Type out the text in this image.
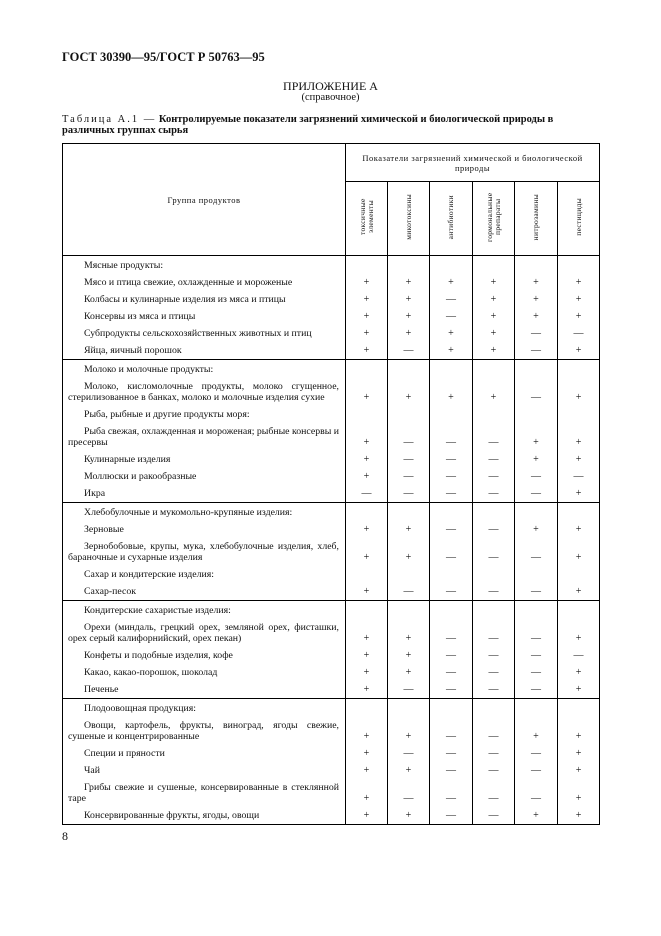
ГОСТ 30390—95/ГОСТ Р 50763—95
ПРИЛОЖЕНИЕ А
(справочное)
Таблица А.1 — Контролируемые показатели загрязнений химической и биологической природы в различных группах сырья
Группа продуктов	Показатели загрязнений химической и биологической природы					
	токсичные элементы	микотоксины	антибиотики	гормональные препараты	нитрозамины	пестициды
Мясные продукты:						
Мясо и птица свежие, охлажденные и мороженые	+	+	+	+	+	+
Колбасы и кулинарные изделия из мяса и птицы	+	+	—	+	+	+
Консервы из мяса и птицы	+	+	—	+	+	+
Субпродукты сельскохозяйственных животных и птиц	+	+	+	+	—	—
Яйца, яичный порошок	+	—	+	+	—	+
Молоко и молочные продукты:						
Молоко, кисломолочные продукты, молоко сгущенное, стерилизованное в банках, молоко и молочные изделия сухие	+	+	+	+	—	+
Рыба, рыбные и другие продукты моря:						
Рыба свежая, охлажденная и мороженая; рыбные консервы и пресервы	+	—	—	—	+	+
Кулинарные изделия	+	—	—	—	+	+
Моллюски и ракообразные	+	—	—	—	—	—
Икра	—	—	—	—	—	+
Хлебобулочные и мукомольно-крупяные изделия:						
Зерновые	+	+	—	—	+	+
Зернобобовые, крупы, мука, хлебобулочные изделия, хлеб, бараночные и сухарные изделия	+	+	—	—	—	+
Сахар и кондитерские изделия:						
Сахар-песок	+	—	—	—	—	+
Кондитерские сахаристые изделия:						
Орехи (миндаль, грецкий орех, земляной орех, фисташки, орех серый калифорнийский, орех пекан)	+	+	—	—	—	+
Конфеты и подобные изделия, кофе	+	+	—	—	—	—
Какао, какао-порошок, шоколад	+	+	—	—	—	+
Печенье	+	—	—	—	—	+
Плодоовощная продукция:						
Овощи, картофель, фрукты, виноград, ягоды свежие, сушеные и концентрированные	+	+	—	—	+	+
Специи и пряности	+	—	—	—	—	+
Чай	+	+	—	—	—	+
Грибы свежие и сушеные, консервированные в стеклянной таре	+	—	—	—	—	+
Консервированные фрукты, ягоды, овощи	+	+	—	—	+	+
8
